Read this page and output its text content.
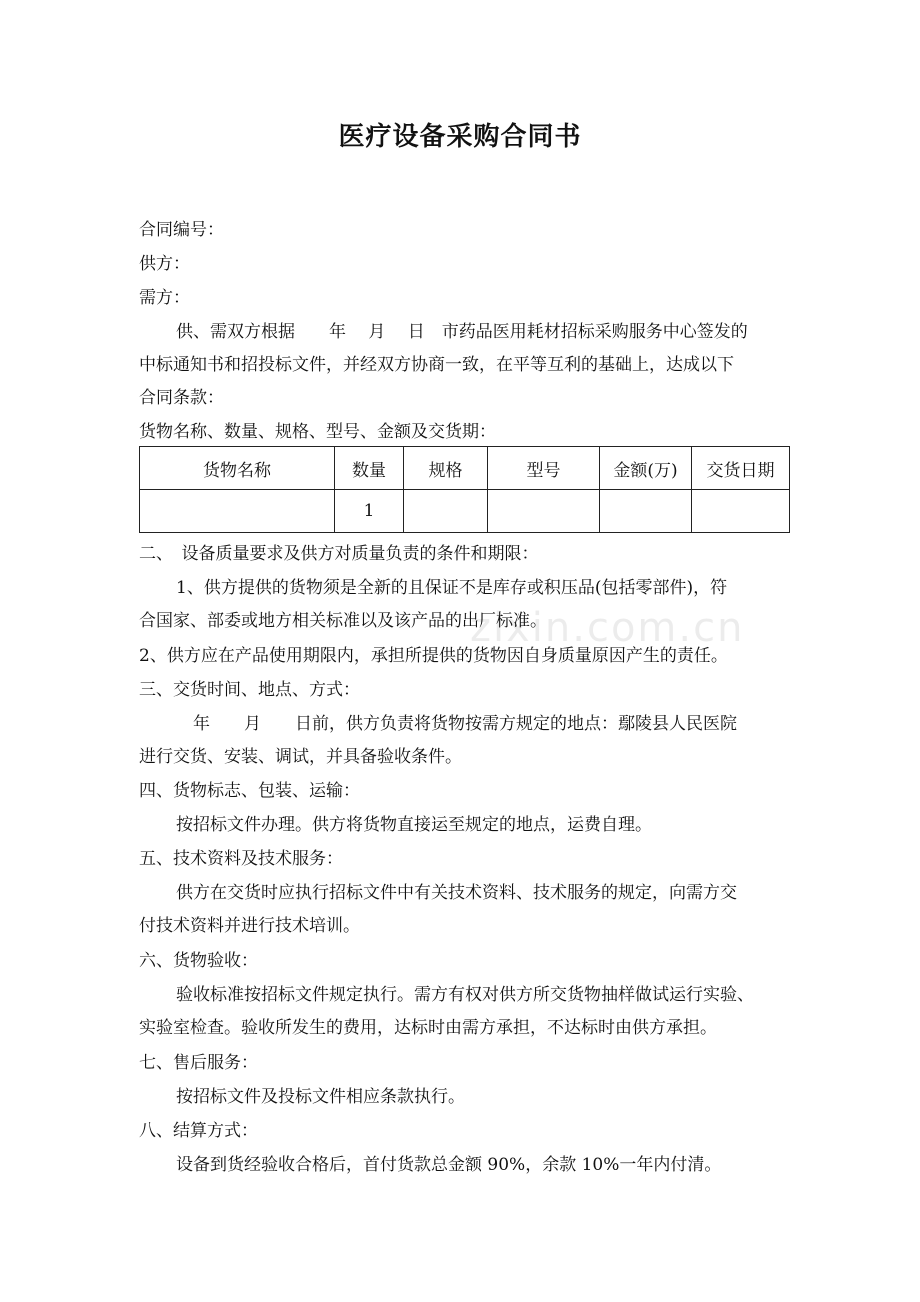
医疗设备采购合同书
合同编号：
供方：
需方：
供、需双方根据　　年　 月　 日　市药品医用耗材招标采购服务中心签发的
中标通知书和招投标文件，并经双方协商一致，在平等互利的基础上，达成以下
合同条款：
货物名称、数量、规格、型号、金额及交货期：
货物名称	数量	规格	型号	金额(万)	交货日期
	1				
二、　设备质量要求及供方对质量负责的条件和期限：
1、供方提供的货物须是全新的且保证不是库存或积压品(包括零部件)，符
合国家、部委或地方相关标准以及该产品的出厂标准。
2、供方应在产品使用期限内，承担所提供的货物因自身质量原因产生的责任。
三、交货时间、地点、方式：
　年　　月　　日前，供方负责将货物按需方规定的地点：鄢陵县人民医院
进行交货、安装、调试，并具备验收条件。
四、货物标志、包装、运输：
按招标文件办理。供方将货物直接运至规定的地点，运费自理。
五、技术资料及技术服务：
供方在交货时应执行招标文件中有关技术资料、技术服务的规定，向需方交
付技术资料并进行技术培训。
六、货物验收：
验收标准按招标文件规定执行。需方有权对供方所交货物抽样做试运行实验、
实验室检查。验收所发生的费用，达标时由需方承担，不达标时由供方承担。
七、售后服务：
按招标文件及投标文件相应条款执行。
八、结算方式：
设备到货经验收合格后，首付货款总金额 90%，余款 10%一年内付清。
zixin.com.cn
